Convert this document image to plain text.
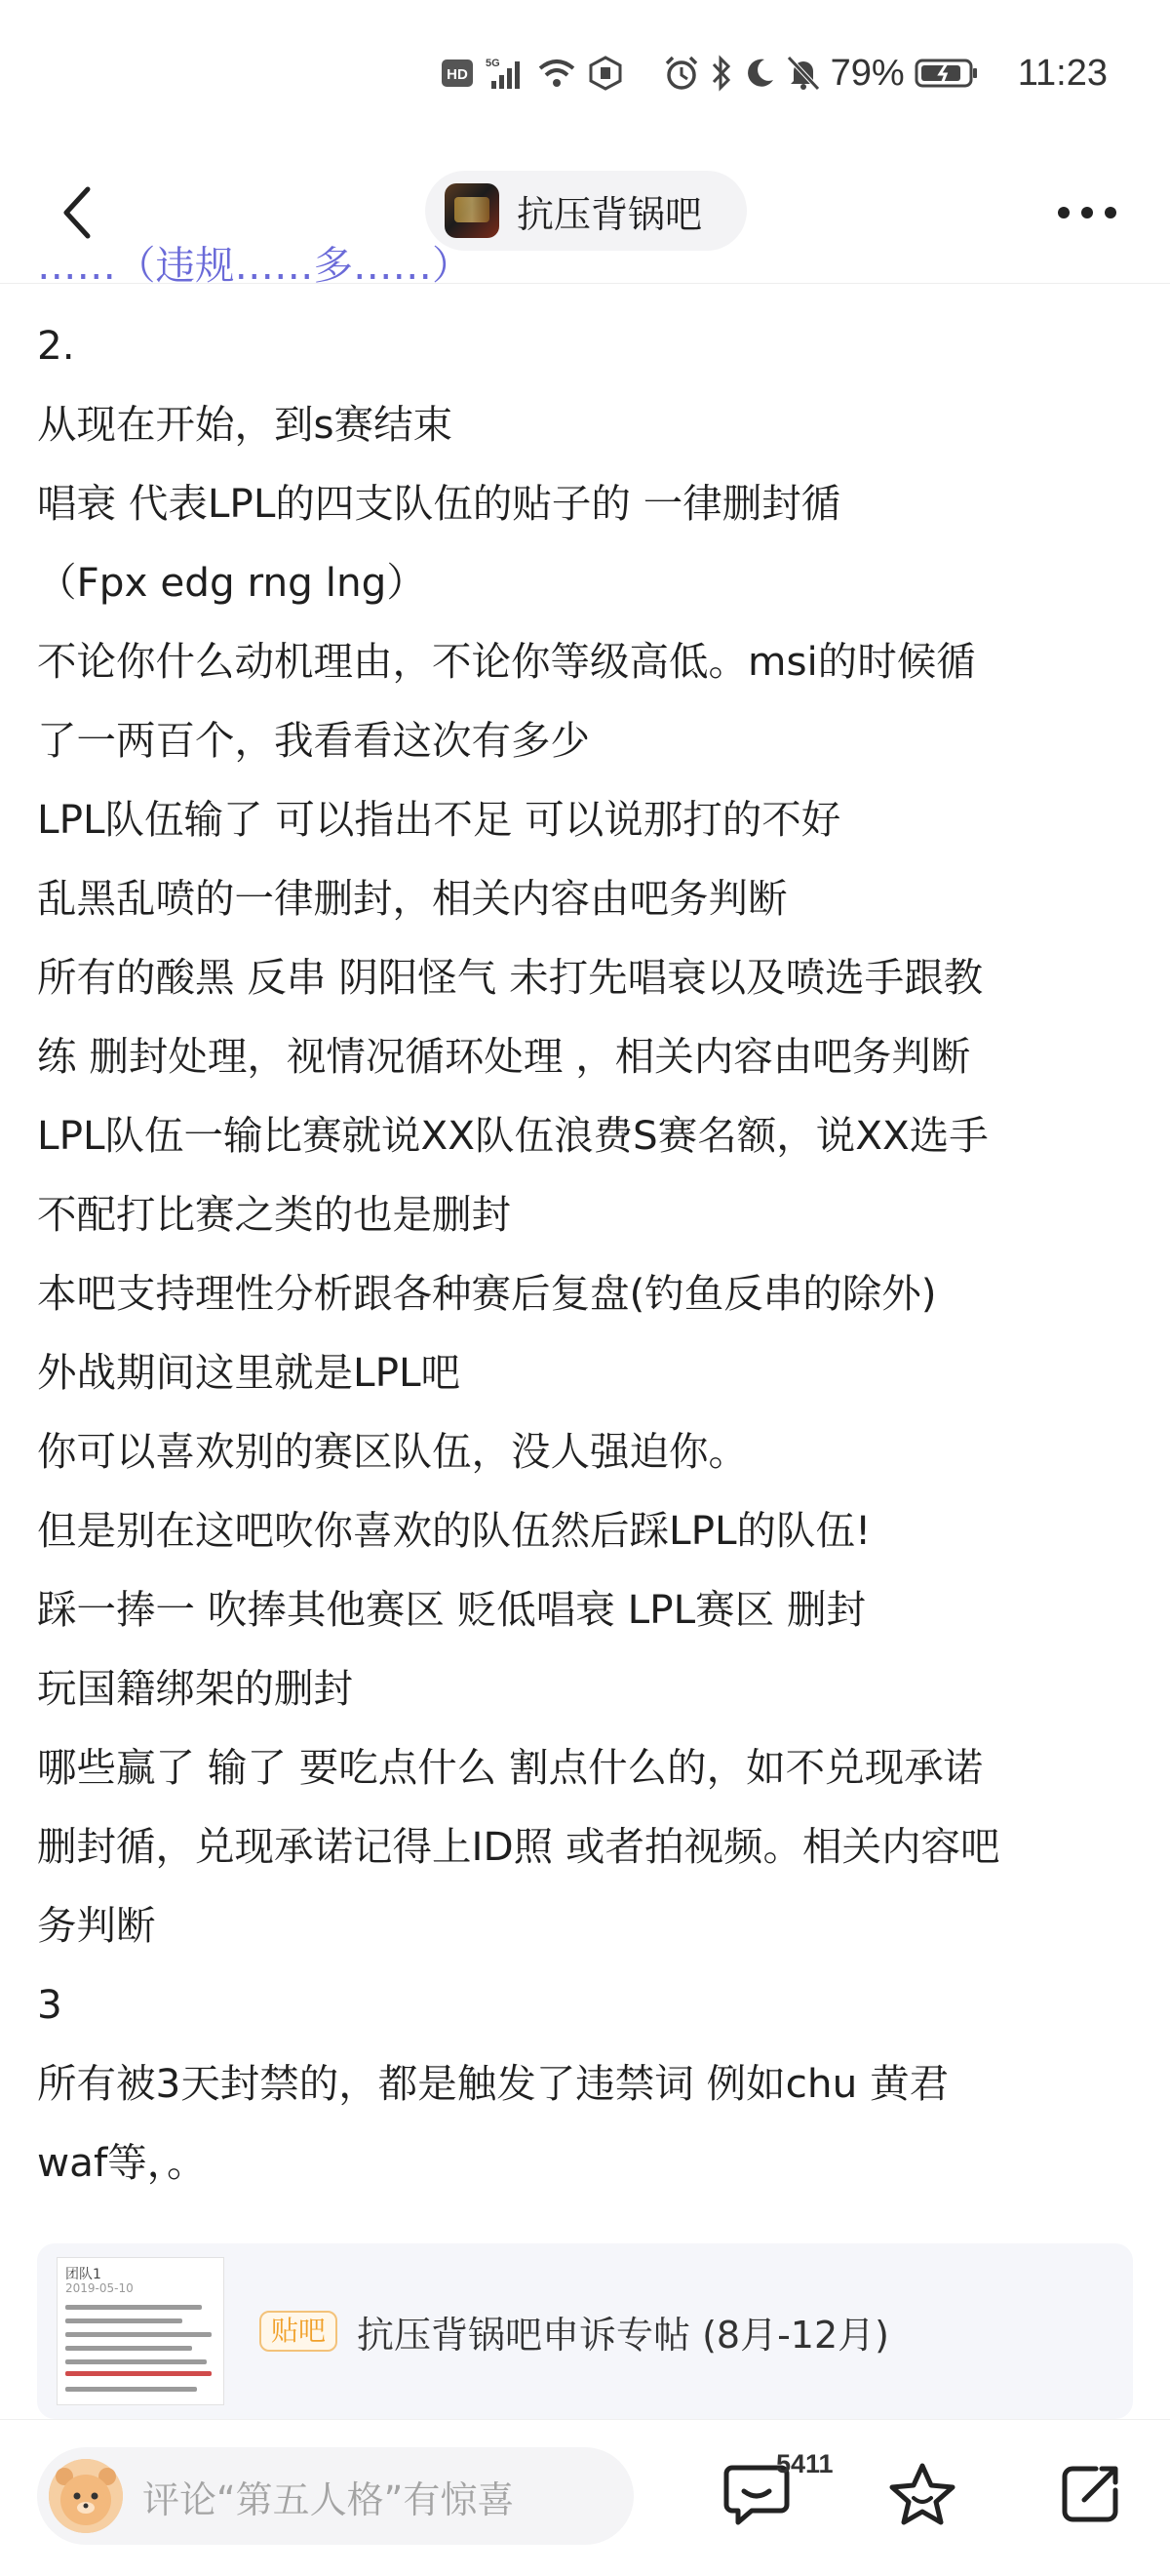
HD
5G	79%	11:23
抗压背锅吧
……（违规……多……）
2.
从现在开始，到s赛结束
唱衰 代表LPL的四支队伍的贴子的 一律删封循
（Fpx edg rng lng）
不论你什么动机理由，不论你等级高低。msi的时候循
了一两百个，我看看这次有多少
LPL队伍输了 可以指出不足 可以说那打的不好
乱黑乱喷的一律删封，相关内容由吧务判断
所有的酸黑 反串 阴阳怪气 未打先唱衰以及喷选手跟教
练 删封处理，视情况循环处理 ，相关内容由吧务判断
LPL队伍一输比赛就说XX队伍浪费S赛名额，说XX选手
不配打比赛之类的也是删封
本吧支持理性分析跟各种赛后复盘(钓鱼反串的除外)
外战期间这里就是LPL吧
你可以喜欢别的赛区队伍，没人强迫你。
但是别在这吧吹你喜欢的队伍然后踩LPL的队伍!
踩一捧一 吹捧其他赛区 贬低唱衰 LPL赛区 删封
玩国籍绑架的删封
哪些赢了 输了 要吃点什么 割点什么的，如不兑现承诺
删封循，兑现承诺记得上ID照 或者拍视频。相关内容吧
务判断
3
所有被3天封禁的，都是触发了违禁词 例如chu 黄君
waf等，。
团队1
2019-05-10
贴吧 抗压背锅吧申诉专帖 (8月-12月)
评论“第五人格”有惊喜
5411
